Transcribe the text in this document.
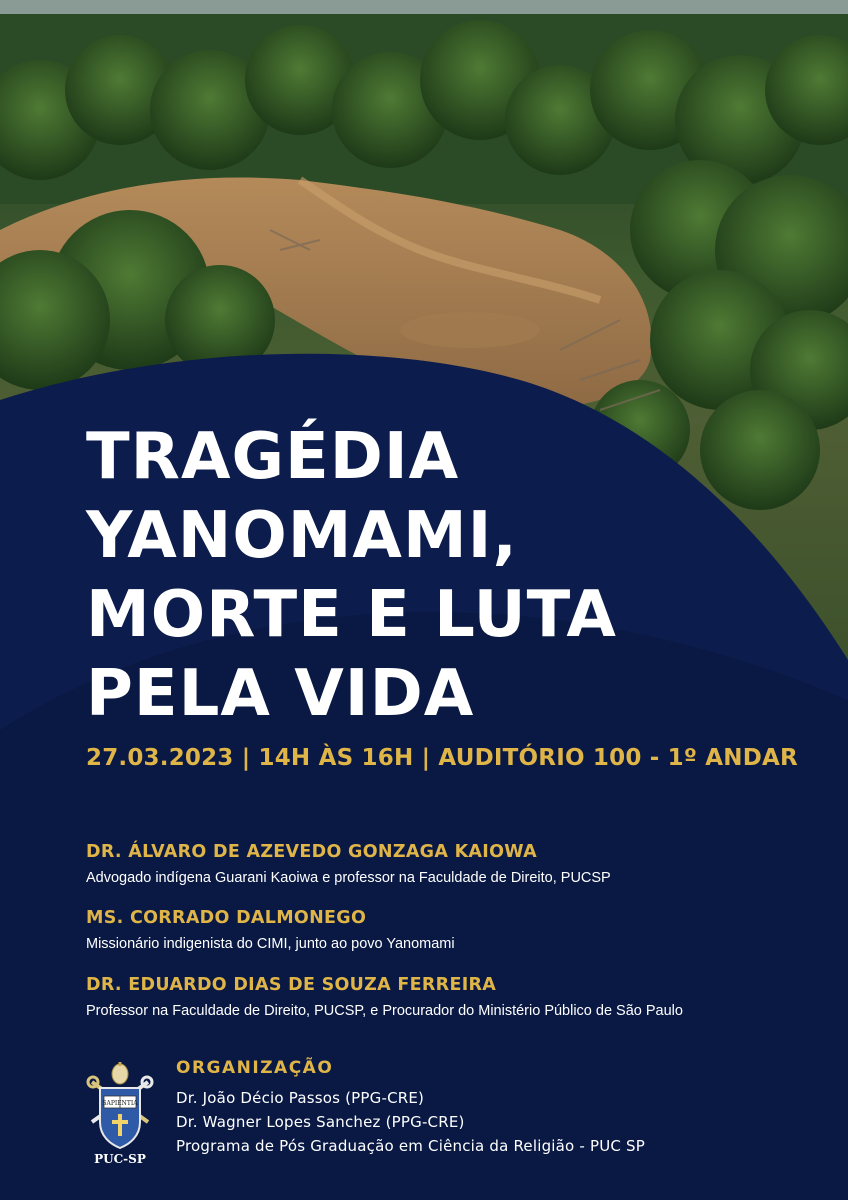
TRAGÉDIA
YANOMAMI,
MORTE E LUTA
PELA VIDA
27.03.2023 | 14H ÀS 16H | AUDITÓRIO 100 - 1º ANDAR
DR. ÁLVARO DE AZEVEDO GONZAGA KAIOWA
Advogado indígena Guarani Kaoiwa e professor na Faculdade de Direito, PUCSP
MS. CORRADO DALMONEGO
Missionário indigenista do CIMI, junto ao povo Yanomami
DR. EDUARDO DIAS DE SOUZA FERREIRA
Professor na Faculdade de Direito, PUCSP, e Procurador do Ministério Público de São Paulo
SAPIENTIA
PUC-SP
ORGANIZAÇÃO
Dr. João Décio Passos (PPG-CRE)
Dr. Wagner Lopes Sanchez (PPG-CRE)
Programa de Pós Graduação em Ciência da Religião - PUC SP
